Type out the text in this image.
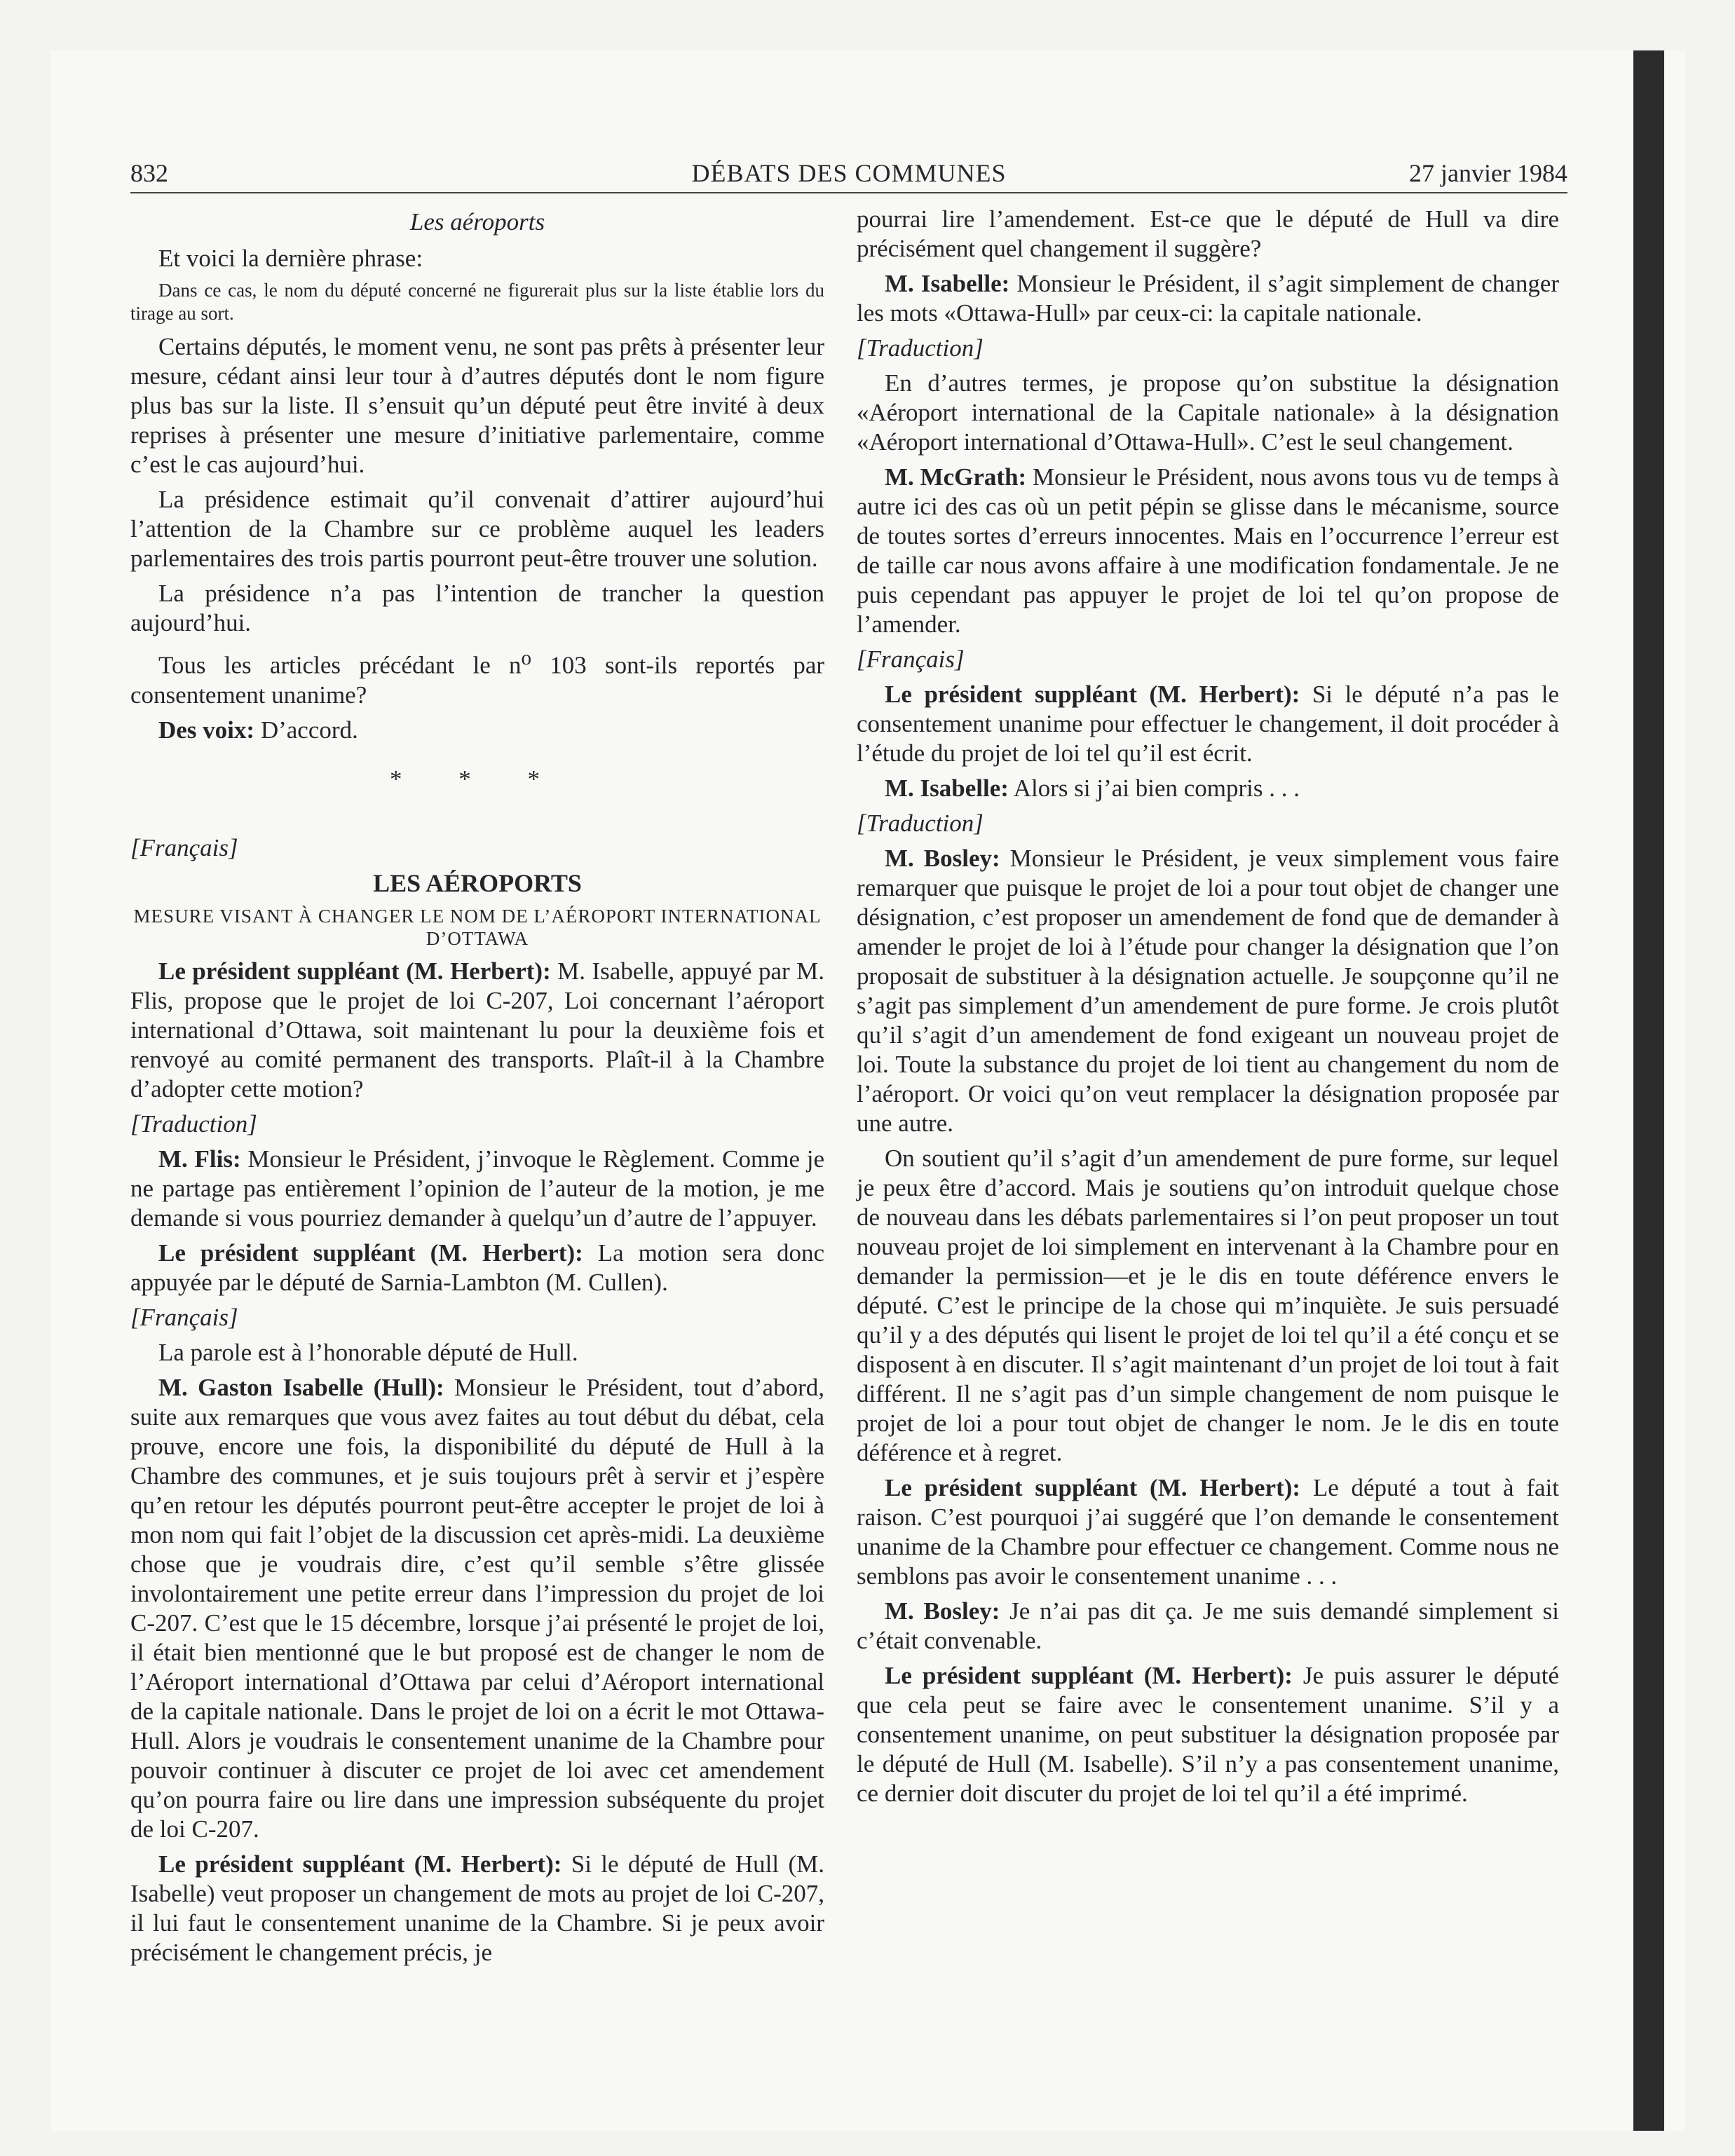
832	DÉBATS DES COMMUNES	27 janvier 1984
Les aéroports

Et voici la dernière phrase:

Dans ce cas, le nom du député concerné ne figurerait plus sur la liste établie lors du tirage au sort.

Certains députés, le moment venu, ne sont pas prêts à présenter leur mesure, cédant ainsi leur tour à d’autres députés dont le nom figure plus bas sur la liste. Il s’ensuit qu’un député peut être invité à deux reprises à présenter une mesure d’initiative parlementaire, comme c’est le cas aujourd’hui.

La présidence estimait qu’il convenait d’attirer aujourd’hui l’attention de la Chambre sur ce problème auquel les leaders parlementaires des trois partis pourront peut-être trouver une solution.

La présidence n’a pas l’intention de trancher la question aujourd’hui.

Tous les articles précédant le $n^o$ 103 sont-ils reportés par consentement unanime?

Des voix: D’accord.

* * *
[Français]
LES AÉROPORTS
MESURE VISANT À CHANGER LE NOM DE L’AÉROPORT INTERNATIONAL D’OTTAWA

Le président suppléant (M. Herbert): M. Isabelle, appuyé par M. Flis, propose que le projet de loi C-207, Loi concernant l’aéroport international d’Ottawa, soit maintenant lu pour la deuxième fois et renvoyé au comité permanent des transports. Plaît-il à la Chambre d’adopter cette motion?

[Traduction]

M. Flis: Monsieur le Président, j’invoque le Règlement. Comme je ne partage pas entièrement l’opinion de l’auteur de la motion, je me demande si vous pourriez demander à quelqu’un d’autre de l’appuyer.

Le président suppléant (M. Herbert): La motion sera donc appuyée par le député de Sarnia-Lambton (M. Cullen).

[Français]

La parole est à l’honorable député de Hull.

M. Gaston Isabelle (Hull): Monsieur le Président, tout d’abord, suite aux remarques que vous avez faites au tout début du débat, cela prouve, encore une fois, la disponibilité du député de Hull à la Chambre des communes, et je suis toujours prêt à servir et j’espère qu’en retour les députés pourront peut-être accepter le projet de loi à mon nom qui fait l’objet de la discussion cet après-midi. La deuxième chose que je voudrais dire, c’est qu’il semble s’être glissée involontairement une petite erreur dans l’impression du projet de loi C-207. C’est que le 15 décembre, lorsque j’ai présenté le projet de loi, il était bien mentionné que le but proposé est de changer le nom de l’Aéroport international d’Ottawa par celui d’Aéroport international de la capitale nationale. Dans le projet de loi on a écrit le mot Ottawa-Hull. Alors je voudrais le consentement unanime de la Chambre pour pouvoir continuer à discuter ce projet de loi avec cet amendement qu’on pourra faire ou lire dans une impression subséquente du projet de loi C-207.

Le président suppléant (M. Herbert): Si le député de Hull (M. Isabelle) veut proposer un changement de mots au projet de loi C-207, il lui faut le consentement unanime de la Chambre. Si je peux avoir précisément le changement précis, je

pourrai lire l’amendement. Est-ce que le député de Hull va dire précisément quel changement il suggère?

M. Isabelle: Monsieur le Président, il s’agit simplement de changer les mots «Ottawa-Hull» par ceux-ci: la capitale nationale.

[Traduction]

En d’autres termes, je propose qu’on substitue la désignation «Aéroport international de la Capitale nationale» à la désignation «Aéroport international d’Ottawa-Hull». C’est le seul changement.

M. McGrath: Monsieur le Président, nous avons tous vu de temps à autre ici des cas où un petit pépin se glisse dans le mécanisme, source de toutes sortes d’erreurs innocentes. Mais en l’occurrence l’erreur est de taille car nous avons affaire à une modification fondamentale. Je ne puis cependant pas appuyer le projet de loi tel qu’on propose de l’amender.

[Français]

Le président suppléant (M. Herbert): Si le député n’a pas le consentement unanime pour effectuer le changement, il doit procéder à l’étude du projet de loi tel qu’il est écrit.

M. Isabelle: Alors si j’ai bien compris . . .

[Traduction]

M. Bosley: Monsieur le Président, je veux simplement vous faire remarquer que puisque le projet de loi a pour tout objet de changer une désignation, c’est proposer un amendement de fond que de demander à amender le projet de loi à l’étude pour changer la désignation que l’on proposait de substituer à la désignation actuelle. Je soupçonne qu’il ne s’agit pas simplement d’un amendement de pure forme. Je crois plutôt qu’il s’agit d’un amendement de fond exigeant un nouveau projet de loi. Toute la substance du projet de loi tient au changement du nom de l’aéroport. Or voici qu’on veut remplacer la désignation proposée par une autre.

On soutient qu’il s’agit d’un amendement de pure forme, sur lequel je peux être d’accord. Mais je soutiens qu’on introduit quelque chose de nouveau dans les débats parlementaires si l’on peut proposer un tout nouveau projet de loi simplement en intervenant à la Chambre pour en demander la permission—et je le dis en toute déférence envers le député. C’est le principe de la chose qui m’inquiète. Je suis persuadé qu’il y a des députés qui lisent le projet de loi tel qu’il a été conçu et se disposent à en discuter. Il s’agit maintenant d’un projet de loi tout à fait différent. Il ne s’agit pas d’un simple changement de nom puisque le projet de loi a pour tout objet de changer le nom. Je le dis en toute déférence et à regret.

Le président suppléant (M. Herbert): Le député a tout à fait raison. C’est pourquoi j’ai suggéré que l’on demande le consentement unanime de la Chambre pour effectuer ce changement. Comme nous ne semblons pas avoir le consentement unanime . . .

M. Bosley: Je n’ai pas dit ça. Je me suis demandé simplement si c’était convenable.

Le président suppléant (M. Herbert): Je puis assurer le député que cela peut se faire avec le consentement unanime. S’il y a consentement unanime, on peut substituer la désignation proposée par le député de Hull (M. Isabelle). S’il n’y a pas consentement unanime, ce dernier doit discuter du projet de loi tel qu’il a été imprimé.
